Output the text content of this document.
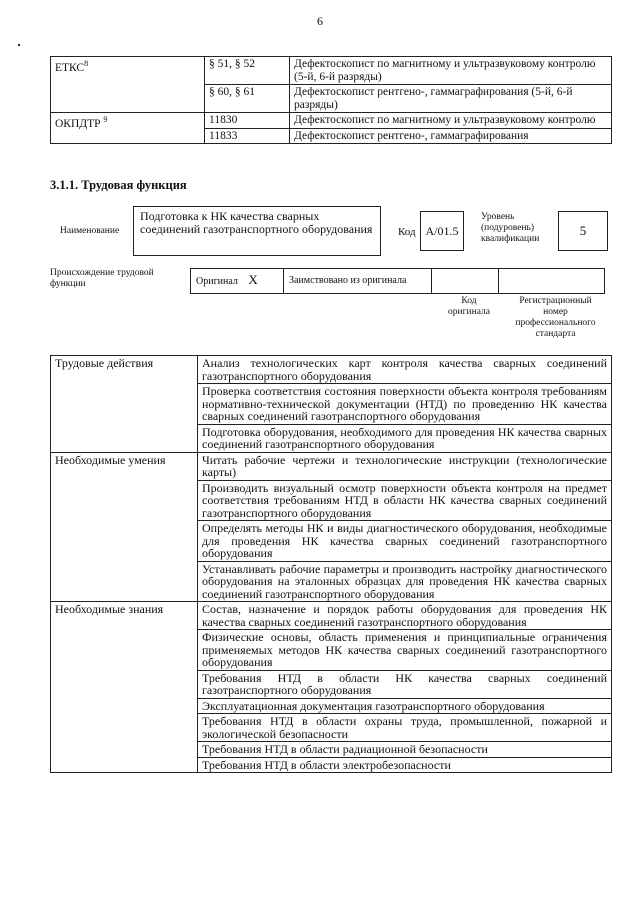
6
ЕТКС$^8$	§ 51, § 52	Дефектоскопист по магнитному и ультразвуковому контролю (5-й, 6-й разряды)
	§ 60, § 61	Дефектоскопист рентгено-, гаммаграфирования (5-й, 6-й разряды)
ОКПДТР $^9$	11830	Дефектоскопист по магнитному и ультразвуковому контролю
	11833	Дефектоскопист рентгено-, гаммаграфирования
3.1.1. Трудовая функция
Наименование
Подготовка к НК качества сварных соединений газотранспортного оборудования	Код А/01.5
Уровень (подуровень) квалификации
5
Происхождение трудовой функции	Оригинал X	Заимствовано из оригинала		
Код оригинала
Регистрационный номер профессионального стандарта
Трудовые действия	Анализ технологических карт контроля качества сварных соединений газотранспортного оборудования
	Проверка соответствия состояния поверхности объекта контроля требованиям нормативно-технической документации (НТД) по проведению НК качества сварных соединений газотранспортного оборудования
	Подготовка оборудования, необходимого для проведения НК качества сварных соединений газотранспортного оборудования
Необходимые умения	Читать рабочие чертежи и технологические инструкции (технологические карты)
	Производить визуальный осмотр поверхности объекта контроля на предмет соответствия требованиям НТД в области НК качества сварных соединений газотранспортного оборудования
	Определять методы НК и виды диагностического оборудования, необходимые для проведения НК качества сварных соединений газотранспортного оборудования
	Устанавливать рабочие параметры и производить настройку диагностического оборудования на эталонных образцах для проведения НК качества сварных соединений газотранспортного оборудования
Необходимые знания	Состав, назначение и порядок работы оборудования для проведения НК качества сварных соединений газотранспортного оборудования
	Физические основы, область применения и принципиальные ограничения применяемых методов НК качества сварных соединений газотранспортного оборудования
	Требования НТД в области НК качества сварных соединений газотранспортного оборудования
	Эксплуатационная документация газотранспортного оборудования
	Требования НТД в области охраны труда, промышленной, пожарной и экологической безопасности
	Требования НТД в области радиационной безопасности
	Требования НТД в области электробезопасности
